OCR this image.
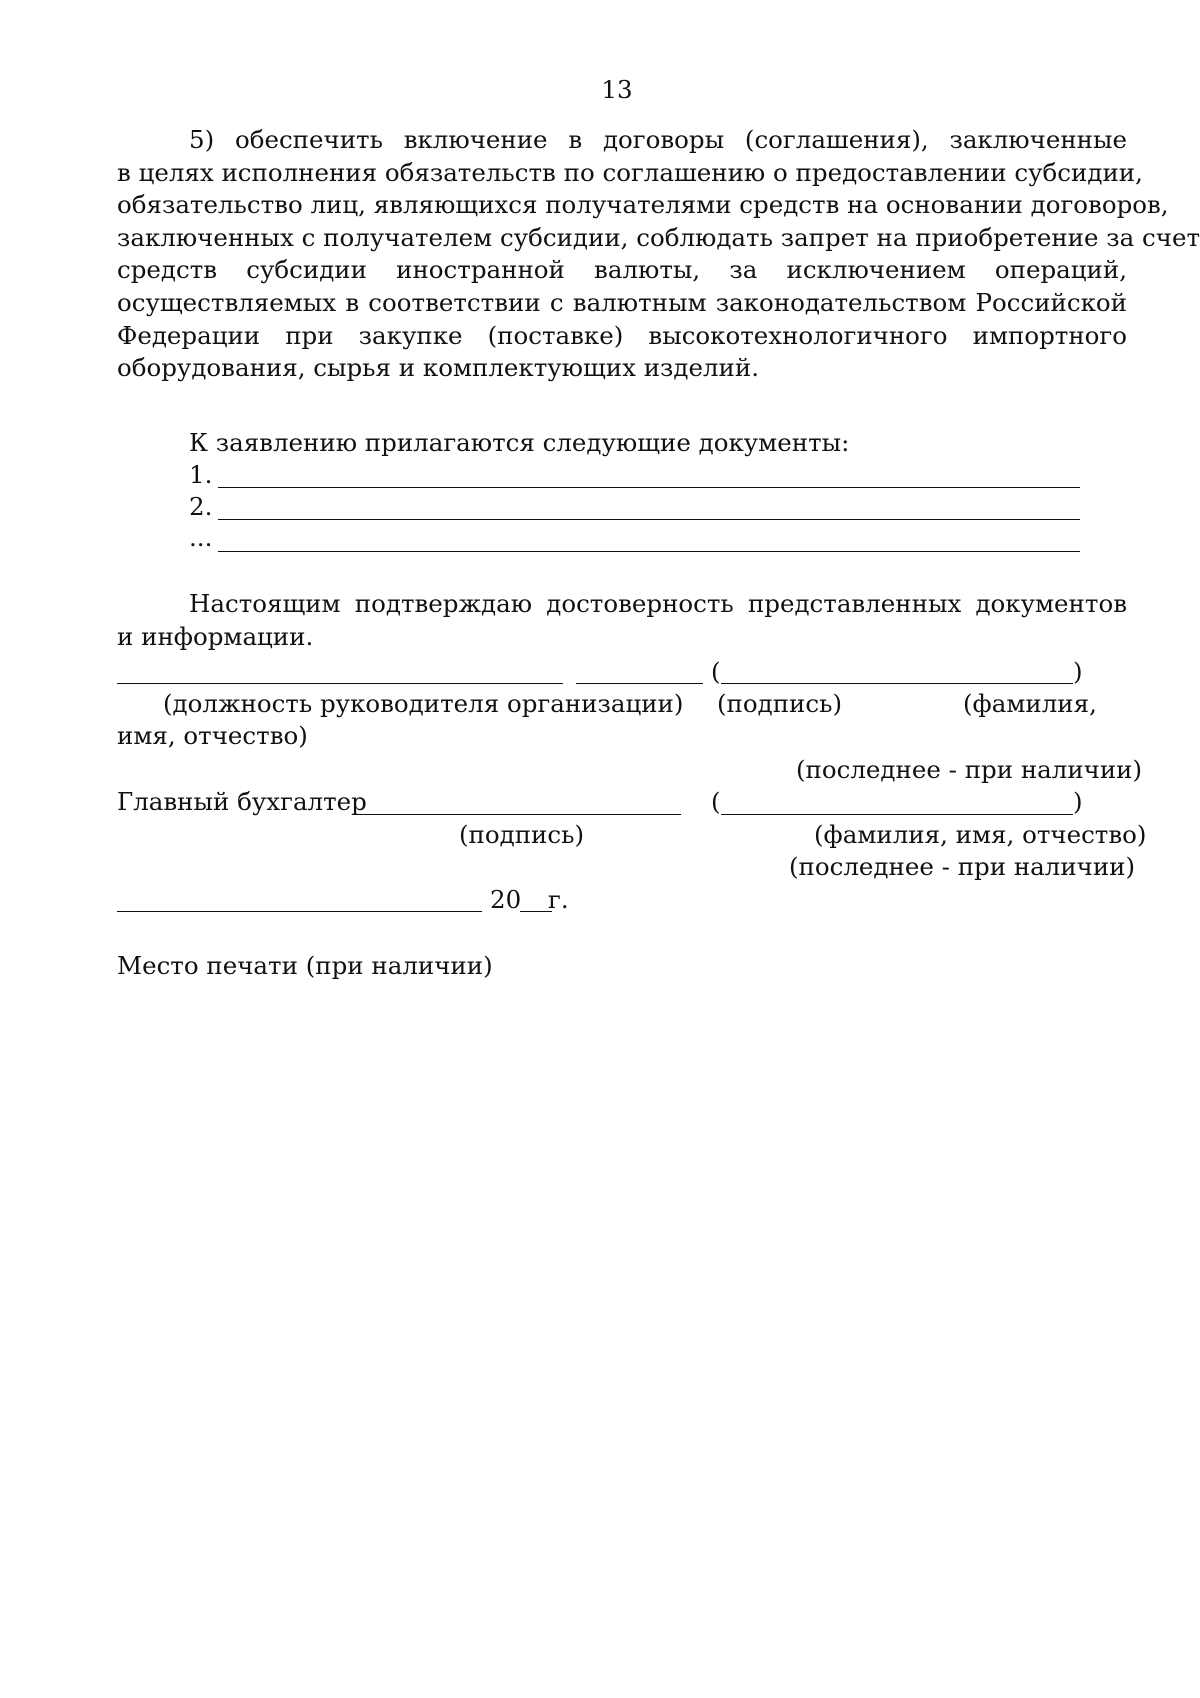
13
5) обеспечить включение в договоры (соглашения), заключенные
в целях исполнения обязательств по соглашению о предоставлении субсидии,
обязательство лиц, являющихся получателями средств на основании договоров,
заключенных с получателем субсидии, соблюдать запрет на приобретение за счет
средств субсидии иностранной валюты, за исключением операций,
осуществляемых в соответствии с валютным законодательством Российской
Федерации при закупке (поставке) высокотехнологичного импортного
оборудования, сырья и комплектующих изделий.
К заявлению прилагаются следующие документы:
1.
2.
...
Настоящим подтверждаю достоверность представленных документов
и информации.
(	)
(должность руководителя организации) (подпись)	(фамилия,
имя, отчество)
(последнее - при наличии)
Главный бухгалтер	(	)
(подпись)	(фамилия, имя, отчество)
(последнее - при наличии)
20 г.
Место печати (при наличии)
